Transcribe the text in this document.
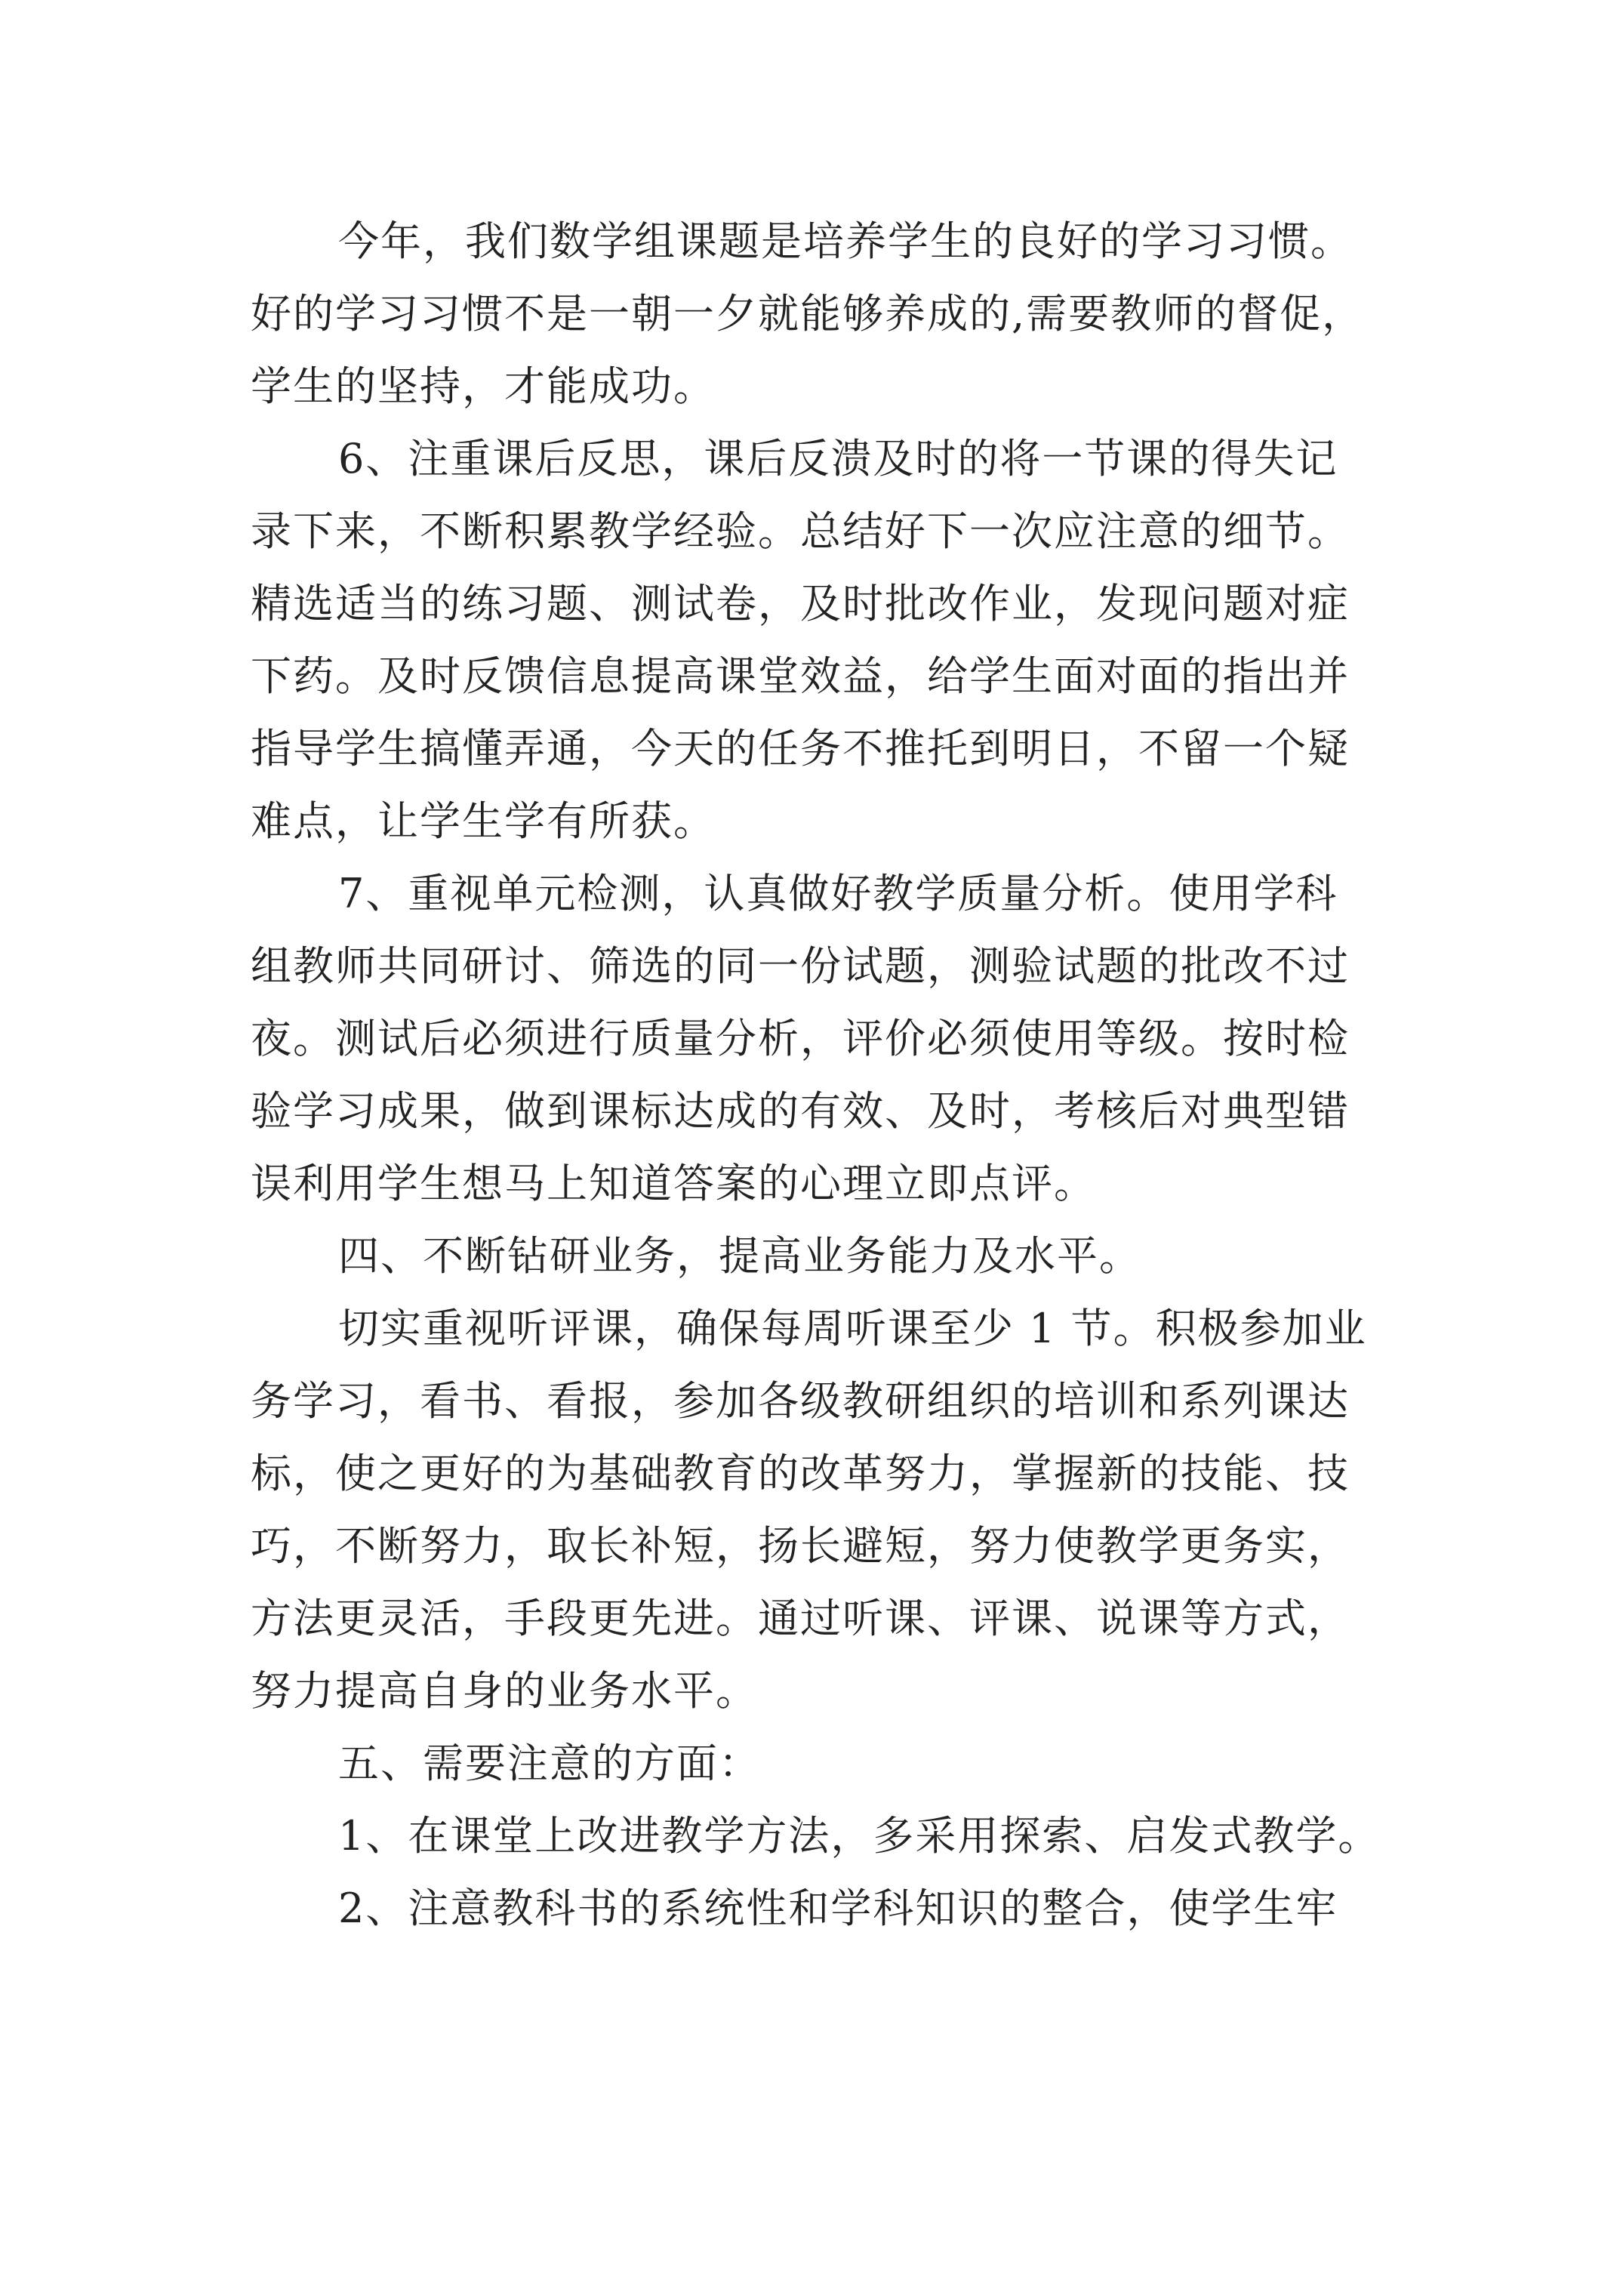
今年，我们数学组课题是培养学生的良好的学习习惯。
好的学习习惯不是一朝一夕就能够养成的,需要教师的督促，
学生的坚持，才能成功。
6、注重课后反思，课后反溃及时的将一节课的得失记
录下来，不断积累教学经验。总结好下一次应注意的细节。
精选适当的练习题、测试卷，及时批改作业，发现问题对症
下药。及时反馈信息提高课堂效益，给学生面对面的指出并
指导学生搞懂弄通，今天的任务不推托到明日，不留一个疑
难点，让学生学有所获。
7、重视单元检测，认真做好教学质量分析。使用学科
组教师共同研讨、筛选的同一份试题，测验试题的批改不过
夜。测试后必须进行质量分析，评价必须使用等级。按时检
验学习成果，做到课标达成的有效、及时，考核后对典型错
误利用学生想马上知道答案的心理立即点评。
四、不断钻研业务，提高业务能力及水平。
切实重视听评课，确保每周听课至少 1 节。积极参加业
务学习，看书、看报，参加各级教研组织的培训和系列课达
标，使之更好的为基础教育的改革努力，掌握新的技能、技
巧，不断努力，取长补短，扬长避短，努力使教学更务实，
方法更灵活，手段更先进。通过听课、评课、说课等方式，
努力提高自身的业务水平。
五、需要注意的方面：
1、在课堂上改进教学方法，多采用探索、启发式教学。
2、注意教科书的系统性和学科知识的整合，使学生牢
